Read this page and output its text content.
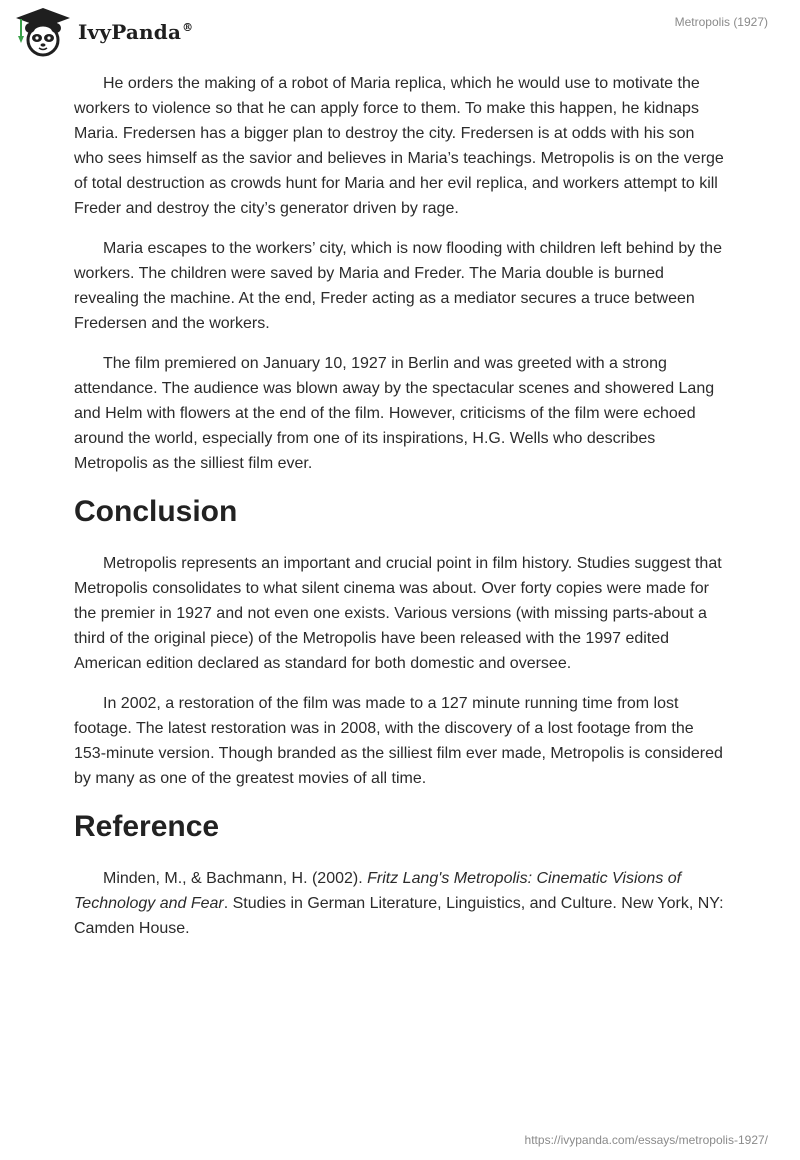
IvyPanda®	Metropolis (1927)

He orders the making of a robot of Maria replica, which he would use to motivate the workers to violence so that he can apply force to them. To make this happen, he kidnaps Maria. Fredersen has a bigger plan to destroy the city. Fredersen is at odds with his son who sees himself as the savior and believes in Maria’s teachings. Metropolis is on the verge of total destruction as crowds hunt for Maria and her evil replica, and workers attempt to kill Freder and destroy the city’s generator driven by rage.

Maria escapes to the workers’ city, which is now flooding with children left behind by the workers. The children were saved by Maria and Freder. The Maria double is burned revealing the machine. At the end, Freder acting as a mediator secures a truce between Fredersen and the workers.

The film premiered on January 10, 1927 in Berlin and was greeted with a strong attendance. The audience was blown away by the spectacular scenes and showered Lang and Helm with flowers at the end of the film. However, criticisms of the film were echoed around the world, especially from one of its inspirations, H.G. Wells who describes Metropolis as the silliest film ever.

Conclusion

Metropolis represents an important and crucial point in film history. Studies suggest that Metropolis consolidates to what silent cinema was about. Over forty copies were made for the premier in 1927 and not even one exists. Various versions (with missing parts-about a third of the original piece) of the Metropolis have been released with the 1997 edited American edition declared as standard for both domestic and oversee.

In 2002, a restoration of the film was made to a 127 minute running time from lost footage. The latest restoration was in 2008, with the discovery of a lost footage from the 153-minute version. Though branded as the silliest film ever made, Metropolis is considered by many as one of the greatest movies of all time.

Reference

Minden, M., & Bachmann, H. (2002). Fritz Lang's Metropolis: Cinematic Visions of Technology and Fear. Studies in German Literature, Linguistics, and Culture. New York, NY: Camden House.

https://ivypanda.com/essays/metropolis-1927/
